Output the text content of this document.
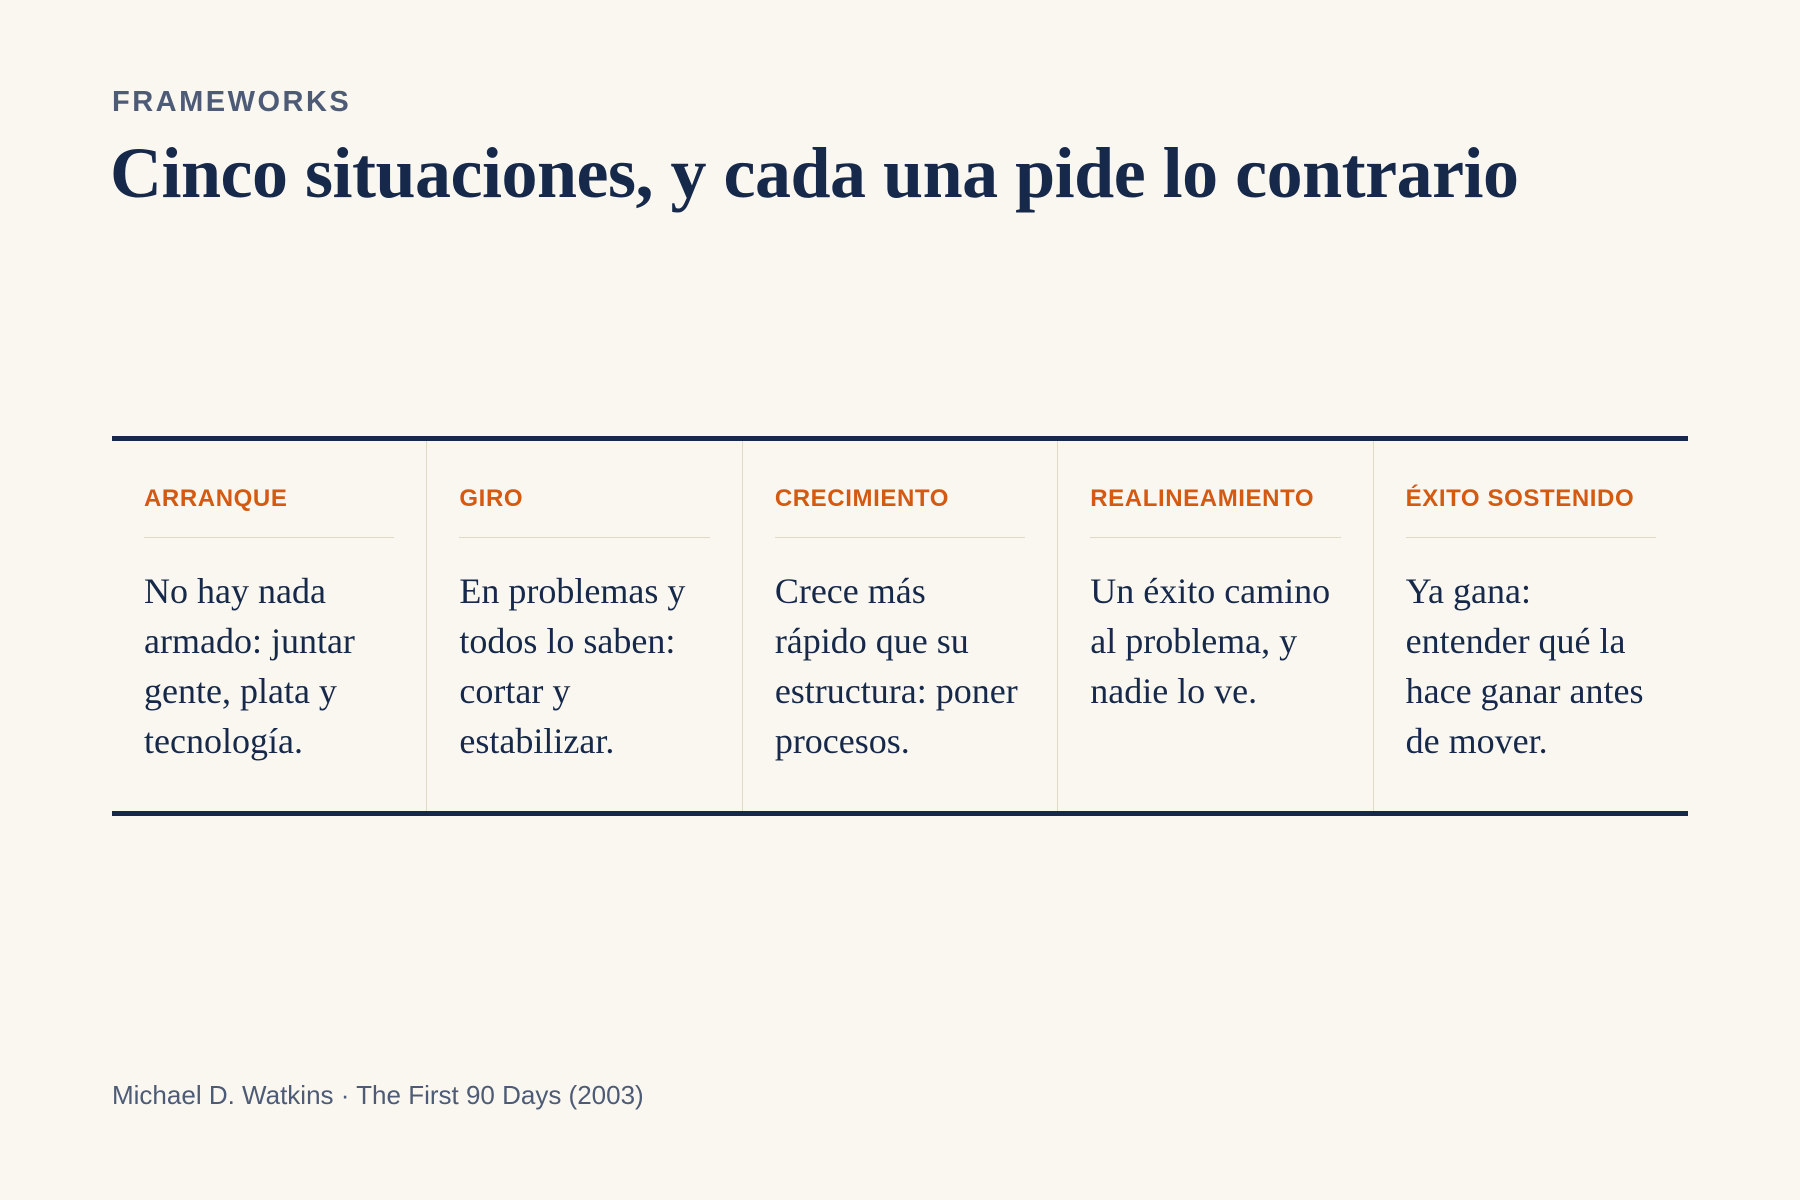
FRAMEWORKS
Cinco situaciones, y cada una pide lo contrario
ARRANQUE
No hay nada armado: juntar gente, plata y tecnología.
GIRO
En problemas y todos lo saben: cortar y estabilizar.
CRECIMIENTO
Crece más rápido que su estructura: poner procesos.
REALINEAMIENTO
Un éxito camino al problema, y nadie lo ve.
ÉXITO SOSTENIDO
Ya gana: entender qué la hace ganar antes de mover.
Michael D. Watkins · The First 90 Days (2003)
